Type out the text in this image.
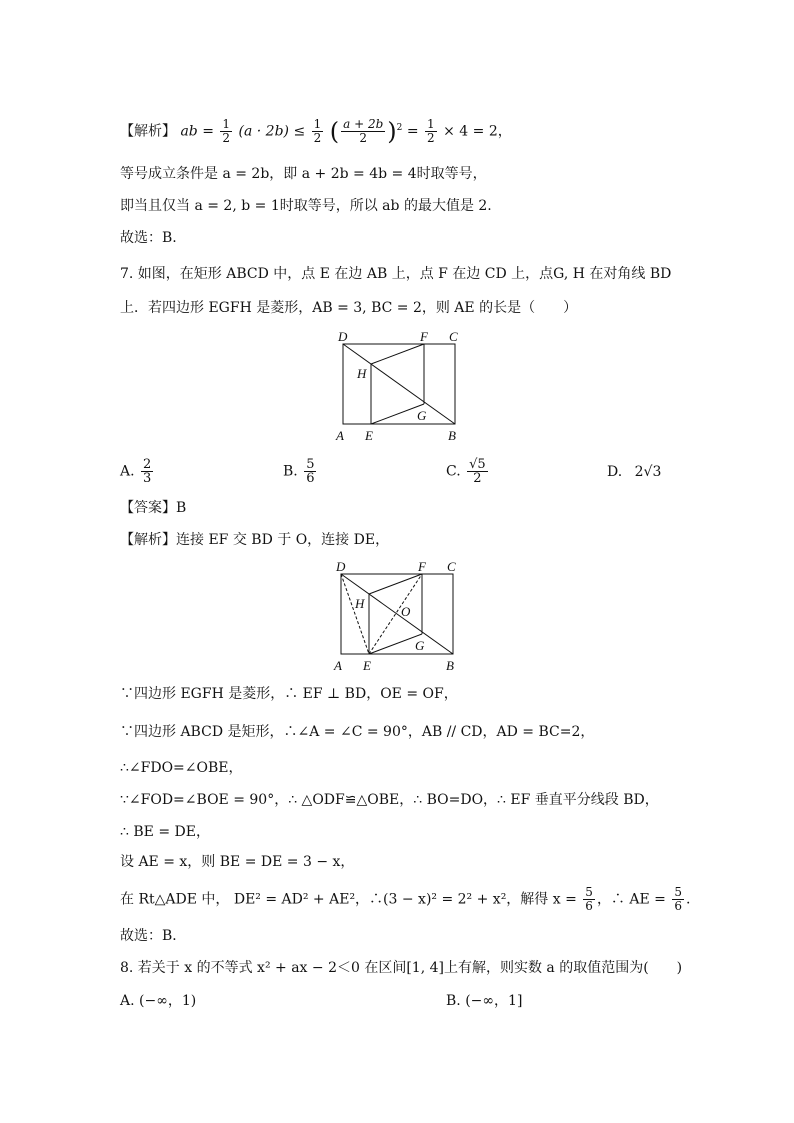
【解析】 ab = $\frac{1}{2} (a \cdot 2b) \le \frac{1}{2}$ ( $\frac{a + 2b}{2} )^2 = \frac{1}{2} \times 4 = 2$，
等号成立条件是 a = 2b，即 a + 2b = 4b = 4时取等号，
即当且仅当 a = 2, b = 1时取等号，所以 ab 的最大值是 2.
故选：B.
7. 如图，在矩形 ABCD 中，点 E 在边 AB 上，点 F 在边 CD 上，点G, H 在对角线 BD
上．若四边形 EGFH 是菱形，AB = 3, BC = 2，则 AE 的长是（　　）
D	F C
H
G
A E	B
A. $\frac{2}{3}$	B. $\frac{5}{6}$	C. $\frac{√5}{2}$	D. 2√3
【答案】B
【解析】连接 EF 交 BD 于 O，连接 DE，
D	F C
H
O
G
A E	B
∵四边形 EGFH 是菱形，∴ EF ⊥ BD，OE = OF，
∵四边形 ABCD 是矩形，∴∠A = ∠C = 90°，AB // CD，AD = BC=2，
∴∠FDO=∠OBE，
∵∠FOD=∠BOE = 90°，∴ △ODF≌△OBE，∴ BO=DO，∴ EF 垂直平分线段 BD，
∴ BE = DE，
设 AE = x，则 BE = DE = 3 − x，
在 Rt△ADE 中， DE² = AD² + AE²，∴(3 − x)² = 2² + x²，解得 $x = \frac{5}{6}$ ，∴ AE = $\frac{5}{6}$ .
故选：B．
8. 若关于 x 的不等式 x² + ax − 2＜0 在区间[1, 4]上有解，则实数 a 的取值范围为(　　)
A. (−∞，1)	B. (−∞，1]
